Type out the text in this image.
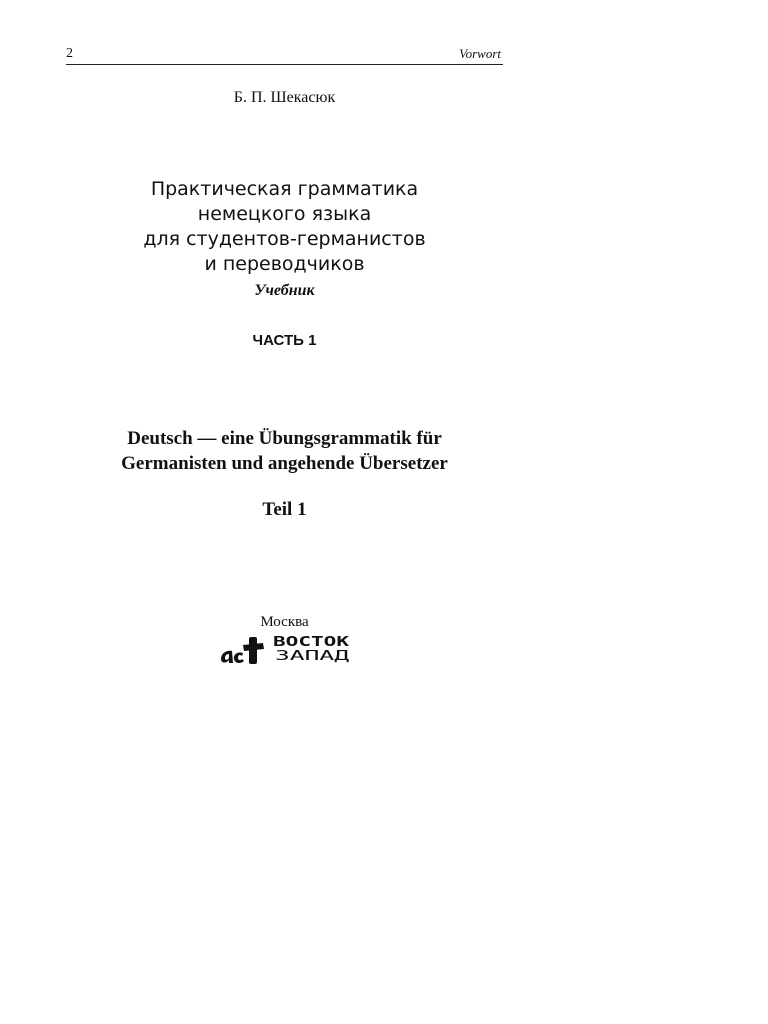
2	Vorwort
Б. П. Шекасюк
Практическая грамматика
немецкого языка
для студентов-германистов
и переводчиков
Учебник
ЧАСТЬ 1
Deutsch — eine Übungsgrammatik für
Germanisten und angehende Übersetzer
Teil 1
Москва
ВОСТОК
ЗАПАД
